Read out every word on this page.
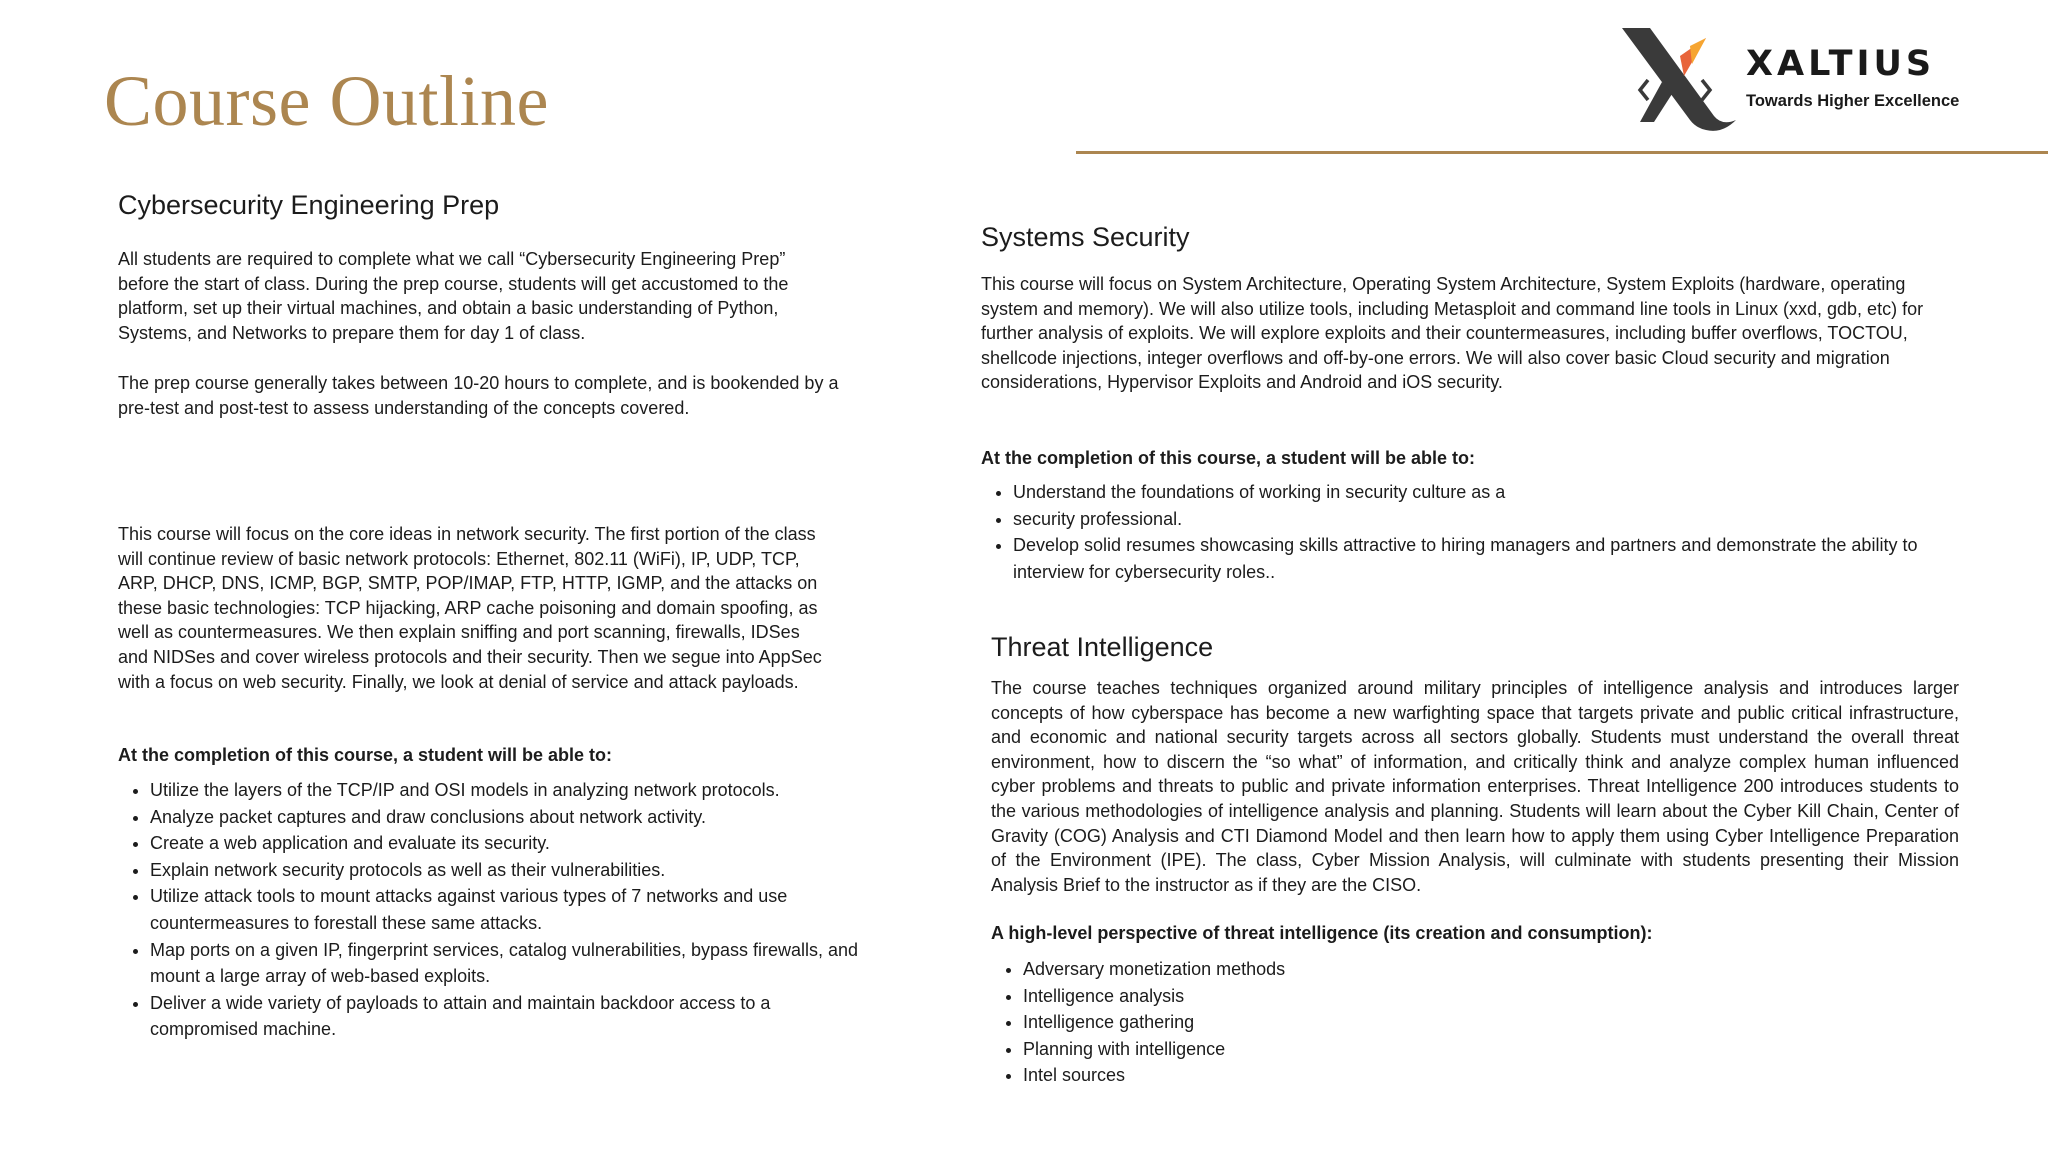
Course Outline	XALTIUS
Towards Higher Excellence
Cybersecurity Engineering Prep

All students are required to complete what we call “Cybersecurity Engineering Prep” before the start of class. During the prep course, students will get accustomed to the platform, set up their virtual machines, and obtain a basic understanding of Python, Systems, and Networks to prepare them for day 1 of class.

The prep course generally takes between 10-20 hours to complete, and is bookended by a pre-test and post-test to assess understanding of the concepts covered.

This course will focus on the core ideas in network security. The first portion of the class will continue review of basic network protocols: Ethernet, 802.11 (WiFi), IP, UDP, TCP, ARP, DHCP, DNS, ICMP, BGP, SMTP, POP/IMAP, FTP, HTTP, IGMP, and the attacks on these basic technologies: TCP hijacking, ARP cache poisoning and domain spoofing, as well as countermeasures. We then explain sniffing and port scanning, firewalls, IDSes and NIDSes and cover wireless protocols and their security. Then we segue into AppSec with a focus on web security. Finally, we look at denial of service and attack payloads.

At the completion of this course, a student will be able to:

• Utilize the layers of the TCP/IP and OSI models in analyzing network protocols.
• Analyze packet captures and draw conclusions about network activity.
• Create a web application and evaluate its security.
• Explain network security protocols as well as their vulnerabilities.
• Utilize attack tools to mount attacks against various types of 7 networks and use countermeasures to forestall these same attacks.
• Map ports on a given IP, fingerprint services, catalog vulnerabilities, bypass firewalls, and mount a large array of web-based exploits.
• Deliver a wide variety of payloads to attain and maintain backdoor access to a compromised machine.
Systems Security

This course will focus on System Architecture, Operating System Architecture, System Exploits (hardware, operating system and memory). We will also utilize tools, including Metasploit and command line tools in Linux (xxd, gdb, etc) for further analysis of exploits. We will explore exploits and their countermeasures, including buffer overflows, TOCTOU, shellcode injections, integer overflows and off-by-one errors. We will also cover basic Cloud security and migration considerations, Hypervisor Exploits and Android and iOS security.

At the completion of this course, a student will be able to:

• Understand the foundations of working in security culture as a
• security professional.
• Develop solid resumes showcasing skills attractive to hiring managers and partners and demonstrate the ability to interview for cybersecurity roles..
Threat Intelligence

The course teaches techniques organized around military principles of intelligence analysis and introduces larger concepts of how cyberspace has become a new warfighting space that targets private and public critical infrastructure, and economic and national security targets across all sectors globally. Students must understand the overall threat environment, how to discern the “so what” of information, and critically think and analyze complex human influenced cyber problems and threats to public and private information enterprises. Threat Intelligence 200 introduces students to the various methodologies of intelligence analysis and planning. Students will learn about the Cyber Kill Chain, Center of Gravity (COG) Analysis and CTI Diamond Model and then learn how to apply them using Cyber Intelligence Preparation of the Environment (IPE). The class, Cyber Mission Analysis, will culminate with students presenting their Mission Analysis Brief to the instructor as if they are the CISO.

A high-level perspective of threat intelligence (its creation and consumption):

• Adversary monetization methods
• Intelligence analysis
• Intelligence gathering
• Planning with intelligence
• Intel sources
